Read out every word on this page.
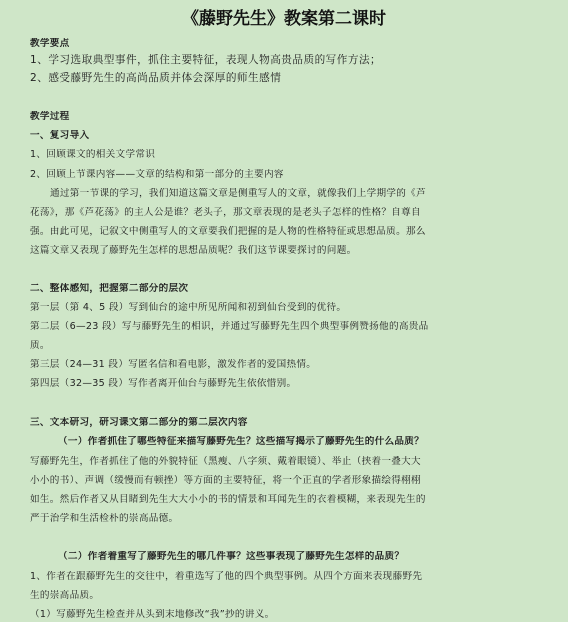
《藤野先生》教案第二课时
教学要点
1、学习选取典型事件，抓住主要特征，表现人物高贵品质的写作方法；
2、感受藤野先生的高尚品质并体会深厚的师生感情
教学过程
一、复习导入
1、回顾课文的相关文学常识
2、回顾上节课内容——文章的结构和第一部分的主要内容
通过第一节课的学习，我们知道这篇文章是侧重写人的文章，就像我们上学期学的《芦
花荡》，那《芦花荡》的主人公是谁？老头子，那文章表现的是老头子怎样的性格？自尊自
强。由此可见，记叙文中侧重写人的文章要我们把握的是人物的性格特征或思想品质。那么
这篇文章又表现了藤野先生怎样的思想品质呢？我们这节课要探讨的问题。
二、整体感知，把握第二部分的层次
第一层（第 4、5 段）写到仙台的途中所见所闻和初到仙台受到的优待。
第二层（6—23 段）写与藤野先生的相识，并通过写藤野先生四个典型事例赞扬他的高贵品
质。
第三层（24—31 段）写匿名信和看电影，激发作者的爱国热情。
第四层（32—35 段）写作者离开仙台与藤野先生依依惜别。
三、文本研习，研习课文第二部分的第二层次内容
（一）作者抓住了哪些特征来描写藤野先生？这些描写揭示了藤野先生的什么品质？
写藤野先生，作者抓住了他的外貌特征（黑瘦、八字须、戴着眼镜）、举止（挟着一叠大大
小小的书）、声调（缓慢而有顿挫）等方面的主要特征，将一个正直的学者形象描绘得栩栩
如生。然后作者又从目睹到先生大大小小的书的情景和耳闻先生的衣着模糊，来表现先生的
严于治学和生活检朴的崇高品德。
（二）作者着重写了藤野先生的哪几件事？这些事表现了藤野先生怎样的品质？
1、作者在跟藤野先生的交往中，着重选写了他的四个典型事例。从四个方面来表现藤野先
生的崇高品质。
（1）写藤野先生检查并从头到末地修改“我”抄的讲义。
